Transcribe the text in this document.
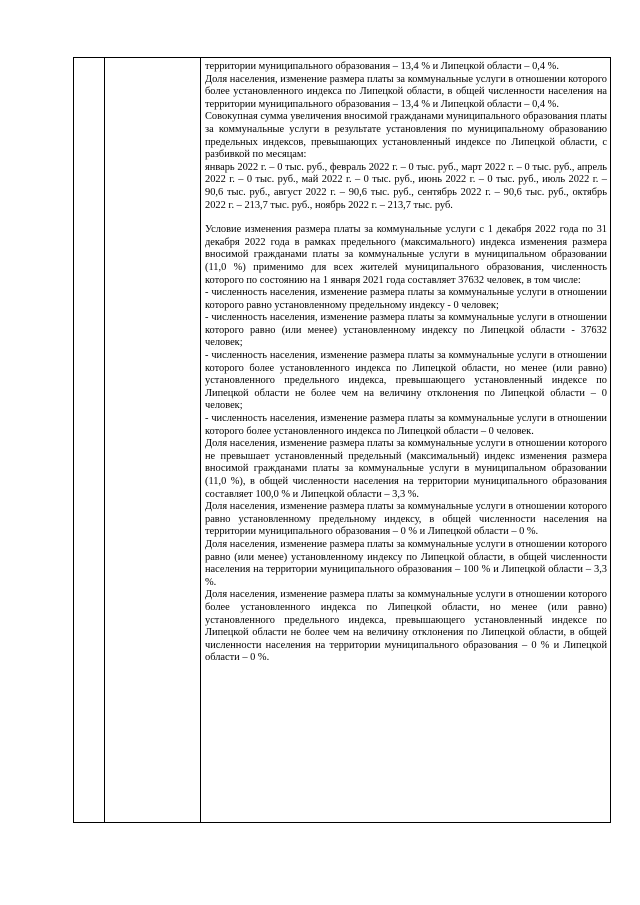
территории муниципального образования – 13,4 % и Липецкой области – 0,4 %.

Доля населения, изменение размера платы за коммунальные услуги в отношении которого более установленного индекса по Липецкой области, в общей численности населения на территории муниципального образования – 13,4 % и Липецкой области – 0,4 %.

Совокупная сумма увеличения вносимой гражданами муниципального образования платы за коммунальные услуги в результате установления по муниципальному образованию предельных индексов, превышающих установленный индексе по Липецкой области, с разбивкой по месяцам:

январь 2022 г. – 0 тыс. руб., февраль 2022 г. – 0 тыс. руб., март 2022 г. – 0 тыс. руб., апрель 2022 г. – 0 тыс. руб., май 2022 г. – 0 тыс. руб., июнь 2022 г. – 0 тыс. руб., июль 2022 г. – 90,6 тыс. руб., август 2022 г. – 90,6 тыс. руб., сентябрь 2022 г. – 90,6 тыс. руб., октябрь 2022 г. – 213,7 тыс. руб., ноябрь 2022 г. – 213,7 тыс. руб.

Условие изменения размера платы за коммунальные услуги с 1 декабря 2022 года по 31 декабря 2022 года в рамках предельного (максимального) индекса изменения размера вносимой гражданами платы за коммунальные услуги в муниципальном образовании (11,0 %) применимо для всех жителей муниципального образования, численность которого по состоянию на 1 января 2021 года составляет 37632 человек, в том числе:

- численность населения, изменение размера платы за коммунальные услуги в отношении которого равно установленному предельному индексу - 0 человек;

- численность населения, изменение размера платы за коммунальные услуги в отношении которого равно (или менее) установленному индексу по Липецкой области - 37632 человек;

- численность населения, изменение размера платы за коммунальные услуги в отношении которого более установленного индекса по Липецкой области, но менее (или равно) установленного предельного индекса, превышающего установленный индексе по Липецкой области не более чем на величину отклонения по Липецкой области – 0 человек;

- численность населения, изменение размера платы за коммунальные услуги в отношении которого более установленного индекса по Липецкой области – 0 человек.

Доля населения, изменение размера платы за коммунальные услуги в отношении которого не превышает установленный предельный (максимальный) индекс изменения размера вносимой гражданами платы за коммунальные услуги в муниципальном образовании (11,0 %), в общей численности населения на территории муниципального образования составляет 100,0 % и Липецкой области – 3,3 %.

Доля населения, изменение размера платы за коммунальные услуги в отношении которого равно установленному предельному индексу, в общей численности населения на территории муниципального образования – 0 % и Липецкой области – 0 %.

Доля населения, изменение размера платы за коммунальные услуги в отношении которого равно (или менее) установленному индексу по Липецкой области, в общей численности населения на территории муниципального образования – 100 % и Липецкой области – 3,3 %.

Доля населения, изменение размера платы за коммунальные услуги в отношении которого более установленного индекса по Липецкой области, но менее (или равно) установленного предельного индекса, превышающего установленный индексе по Липецкой области не более чем на величину отклонения по Липецкой области, в общей численности населения на территории муниципального образования – 0 % и Липецкой области – 0 %.
